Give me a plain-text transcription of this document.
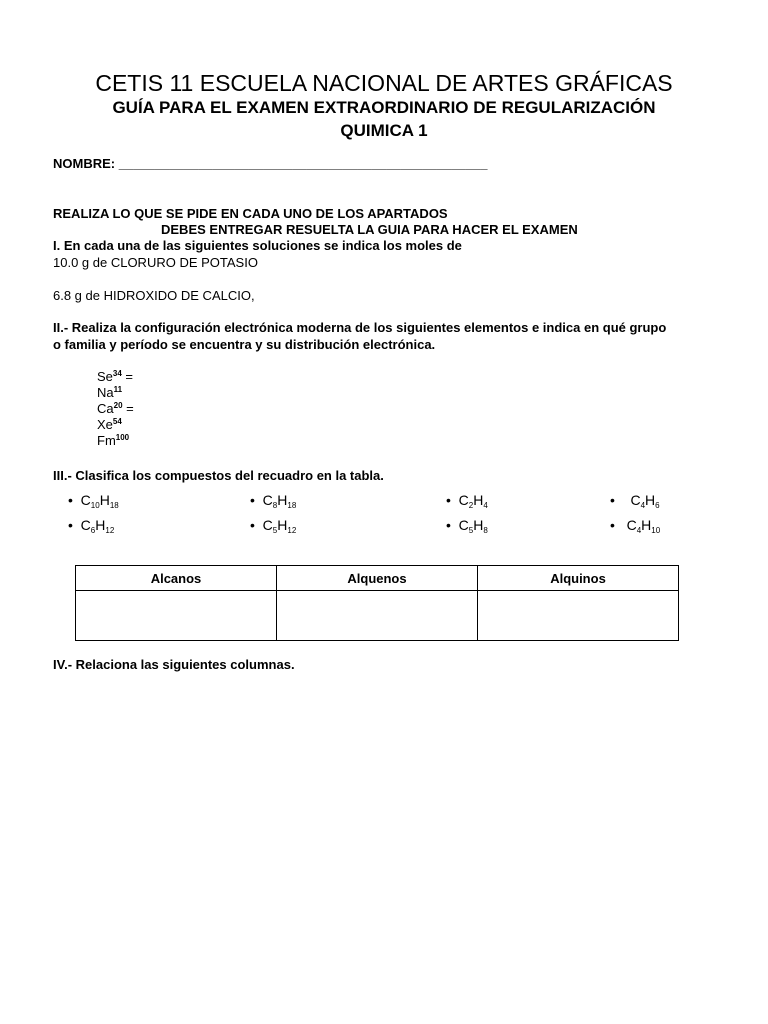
CETIS 11 ESCUELA NACIONAL DE ARTES GRÁFICAS
GUÍA PARA EL EXAMEN EXTRAORDINARIO DE REGULARIZACIÓN
QUIMICA 1
NOMBRE: ___________________________________________________
REALIZA LO QUE SE PIDE EN CADA UNO DE LOS APARTADOS
DEBES ENTREGAR RESUELTA LA GUIA PARA HACER EL EXAMEN
I. En cada una de las siguientes soluciones se indica los moles de
10.0 g de CLORURO DE POTASIO
6.8 g de HIDROXIDO DE CALCIO,
II.- Realiza la configuración electrónica moderna de los siguientes elementos e indica en qué grupo
o familia y período se encuentra y su distribución electrónica.
$Se^{34}$ =
$Na^{11}$
$Ca^{20}$ =
$Xe^{54}$
Fm$^{100}$
III.- Clasifica los compuestos del recuadro en la tabla.
•  $C_{10}H_{18}$	•  $C_8H_{18}$	•  $C_2H_4$	•    $C_4H_6$
•  $C_6H_{12}$	•  $C_5H_{12}$	•  $C_5H_8$	•   $C_4H_{10}$
Alcanos	Alquenos	Alquinos

IV.- Relaciona las siguientes columnas.
